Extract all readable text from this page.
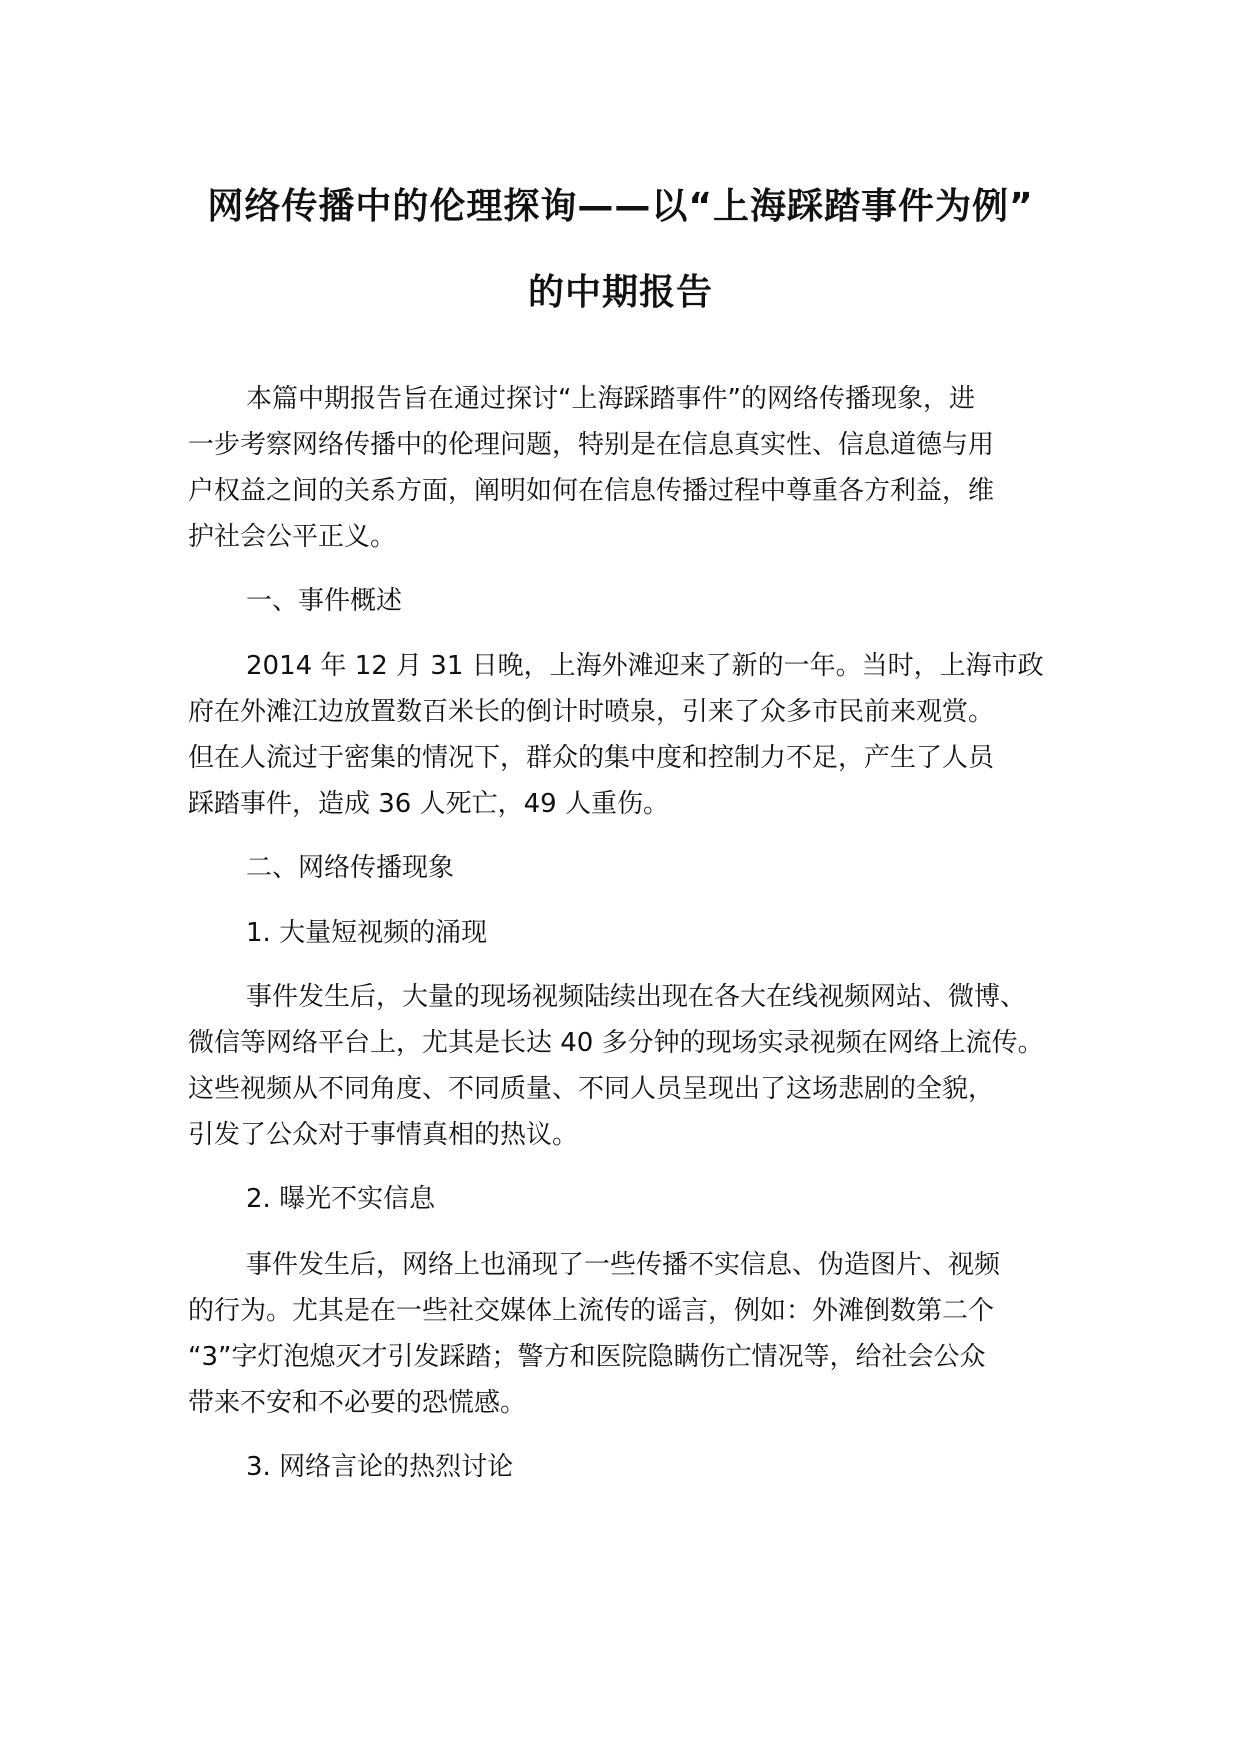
网络传播中的伦理探询——以“上海踩踏事件为例”
的中期报告

本篇中期报告旨在通过探讨“上海踩踏事件”的网络传播现象，进

一步考察网络传播中的伦理问题，特别是在信息真实性、信息道德与用

户权益之间的关系方面，阐明如何在信息传播过程中尊重各方利益，维

护社会公平正义。

一、事件概述

2014 年 12 月 31 日晚，上海外滩迎来了新的一年。当时，上海市政

府在外滩江边放置数百米长的倒计时喷泉，引来了众多市民前来观赏。

但在人流过于密集的情况下，群众的集中度和控制力不足，产生了人员

踩踏事件，造成 36 人死亡，49 人重伤。

二、网络传播现象

1. 大量短视频的涌现

事件发生后，大量的现场视频陆续出现在各大在线视频网站、微博、

微信等网络平台上，尤其是长达 40 多分钟的现场实录视频在网络上流传。

这些视频从不同角度、不同质量、不同人员呈现出了这场悲剧的全貌，

引发了公众对于事情真相的热议。

2. 曝光不实信息

事件发生后，网络上也涌现了一些传播不实信息、伪造图片、视频

的行为。尤其是在一些社交媒体上流传的谣言，例如：外滩倒数第二个

“3”字灯泡熄灭才引发踩踏；警方和医院隐瞒伤亡情况等，给社会公众

带来不安和不必要的恐慌感。

3. 网络言论的热烈讨论
